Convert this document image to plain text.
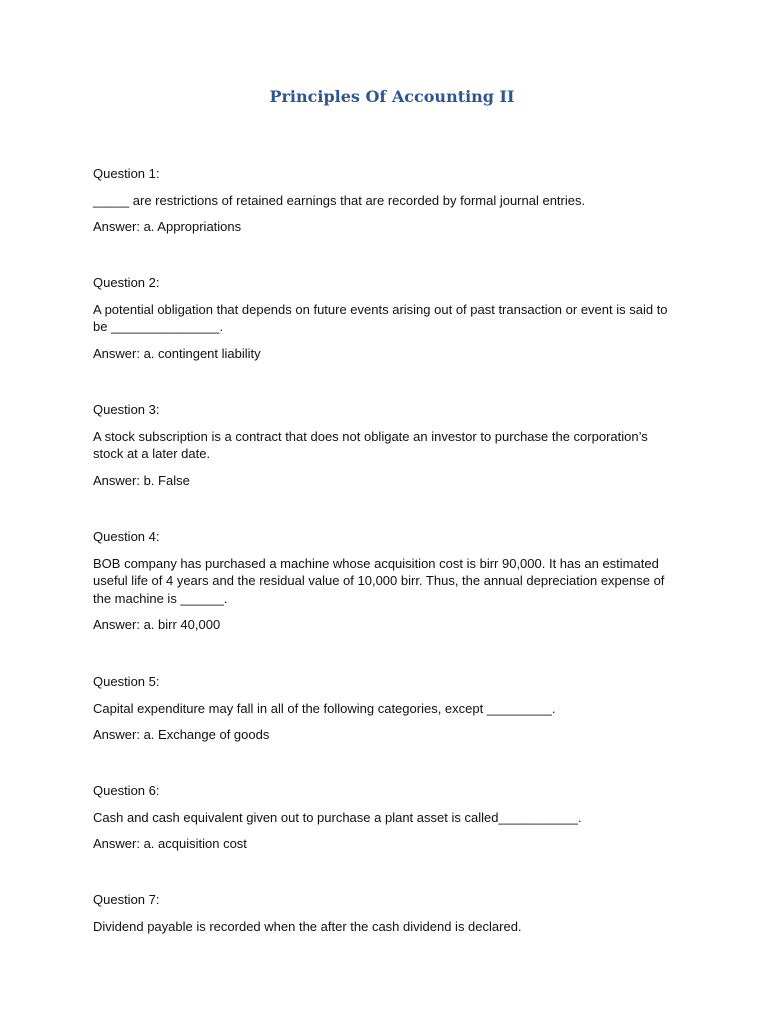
Principles Of Accounting II

Question 1:

_____ are restrictions of retained earnings that are recorded by formal journal entries.

Answer: a. Appropriations

Question 2:

A potential obligation that depends on future events arising out of past transaction or event is said to be _______________.

Answer: a. contingent liability

Question 3:

A stock subscription is a contract that does not obligate an investor to purchase the corporation’s stock at a later date.

Answer: b. False

Question 4:

BOB company has purchased a machine whose acquisition cost is birr 90,000. It has an estimated useful life of 4 years and the residual value of 10,000 birr. Thus, the annual depreciation expense of the machine is ______.

Answer: a. birr 40,000

Question 5:

Capital expenditure may fall in all of the following categories, except _________.

Answer: a. Exchange of goods

Question 6:

Cash and cash equivalent given out to purchase a plant asset is called___________.

Answer: a. acquisition cost

Question 7:

Dividend payable is recorded when the after the cash dividend is declared.
